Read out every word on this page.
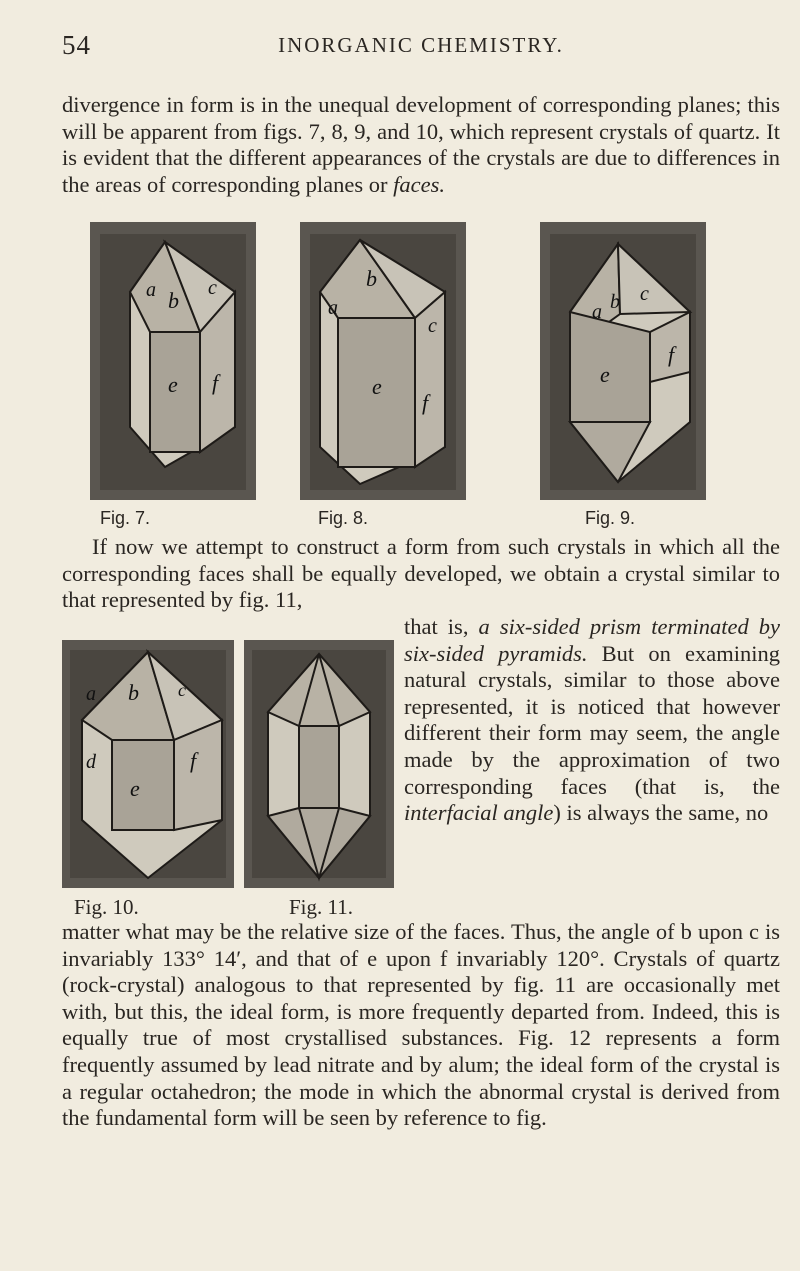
54	INORGANIC CHEMISTRY.

divergence in form is in the unequal development of corresponding planes; this will be apparent from figs. 7, 8, 9, and 10, which represent crystals of quartz. It is evident that the different appearances of the crystals are due to differences in the areas of corresponding planes or faces.

a b c
e f
Fig. 7.
a
b
c
e
f
Fig. 8.
a b c
e
f
Fig. 9.

If now we attempt to construct a form from such crystals in which all the corresponding faces shall be equally developed, we obtain a crystal similar to that represented by fig. 11,

a b c
d
e
f
Fig. 10.	Fig. 11.

that is, a six-sided prism terminated by six-sided pyramids. But on examining natural crystals, similar to those above represented, it is noticed that however different their form may seem, the angle made by the approximation of two corresponding faces (that is, the interfacial angle) is always the same, no

matter what may be the relative size of the faces. Thus, the angle of b upon c is invariably 133° 14′, and that of e upon f invariably 120°. Crystals of quartz (rock-crystal) analogous to that represented by fig. 11 are occasionally met with, but this, the ideal form, is more frequently departed from. Indeed, this is equally true of most crystallised substances. Fig. 12 represents a form frequently assumed by lead nitrate and by alum; the ideal form of the crystal is a regular octahedron; the mode in which the abnormal crystal is derived from the fundamental form will be seen by reference to fig.
